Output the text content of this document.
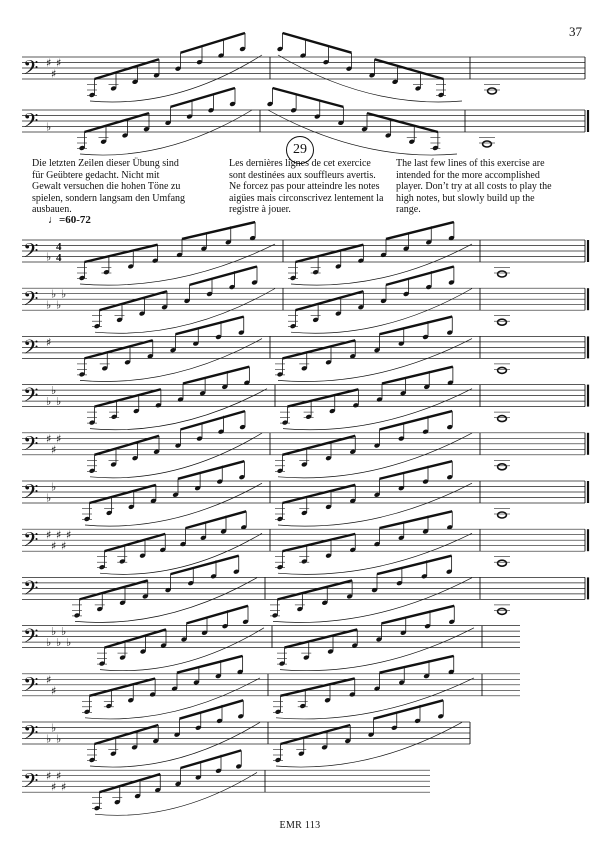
37
29
Die letzten Zeilen dieser Übung sind für Geübtere gedacht. Nicht mit Gewalt versuchen die hohen Töne zu spielen, sondern langsam den Umfang ausbauen.
Les dernières lignes de cet exercice sont destinées aux souffleurs avertis. Ne forcez pas pour atteindre les notes aigües mais circonscrivez lentement la registre à jouer.
The last few lines of this exercise are intended for the more accomplished player. Don’t try at all costs to play the high notes, but slowly build up the range.
♩=60-72
𝄢 ♯
♯
♯
𝄢 ♭
𝄢 ♭
4
4
𝄢 ♭
♭
♭
♭
𝄢 ♯
𝄢 ♭
♭
♭
𝄢 ♯
♯
♯
𝄢 ♭
♭
𝄢 ♯
♯
♯
♯
♯
𝄢
𝄢 ♭
♭
♭
♭
♭
𝄢 ♯
♯
𝄢 ♭
♭
♭
𝄢 ♯
♯
♯
♯
EMR 113
